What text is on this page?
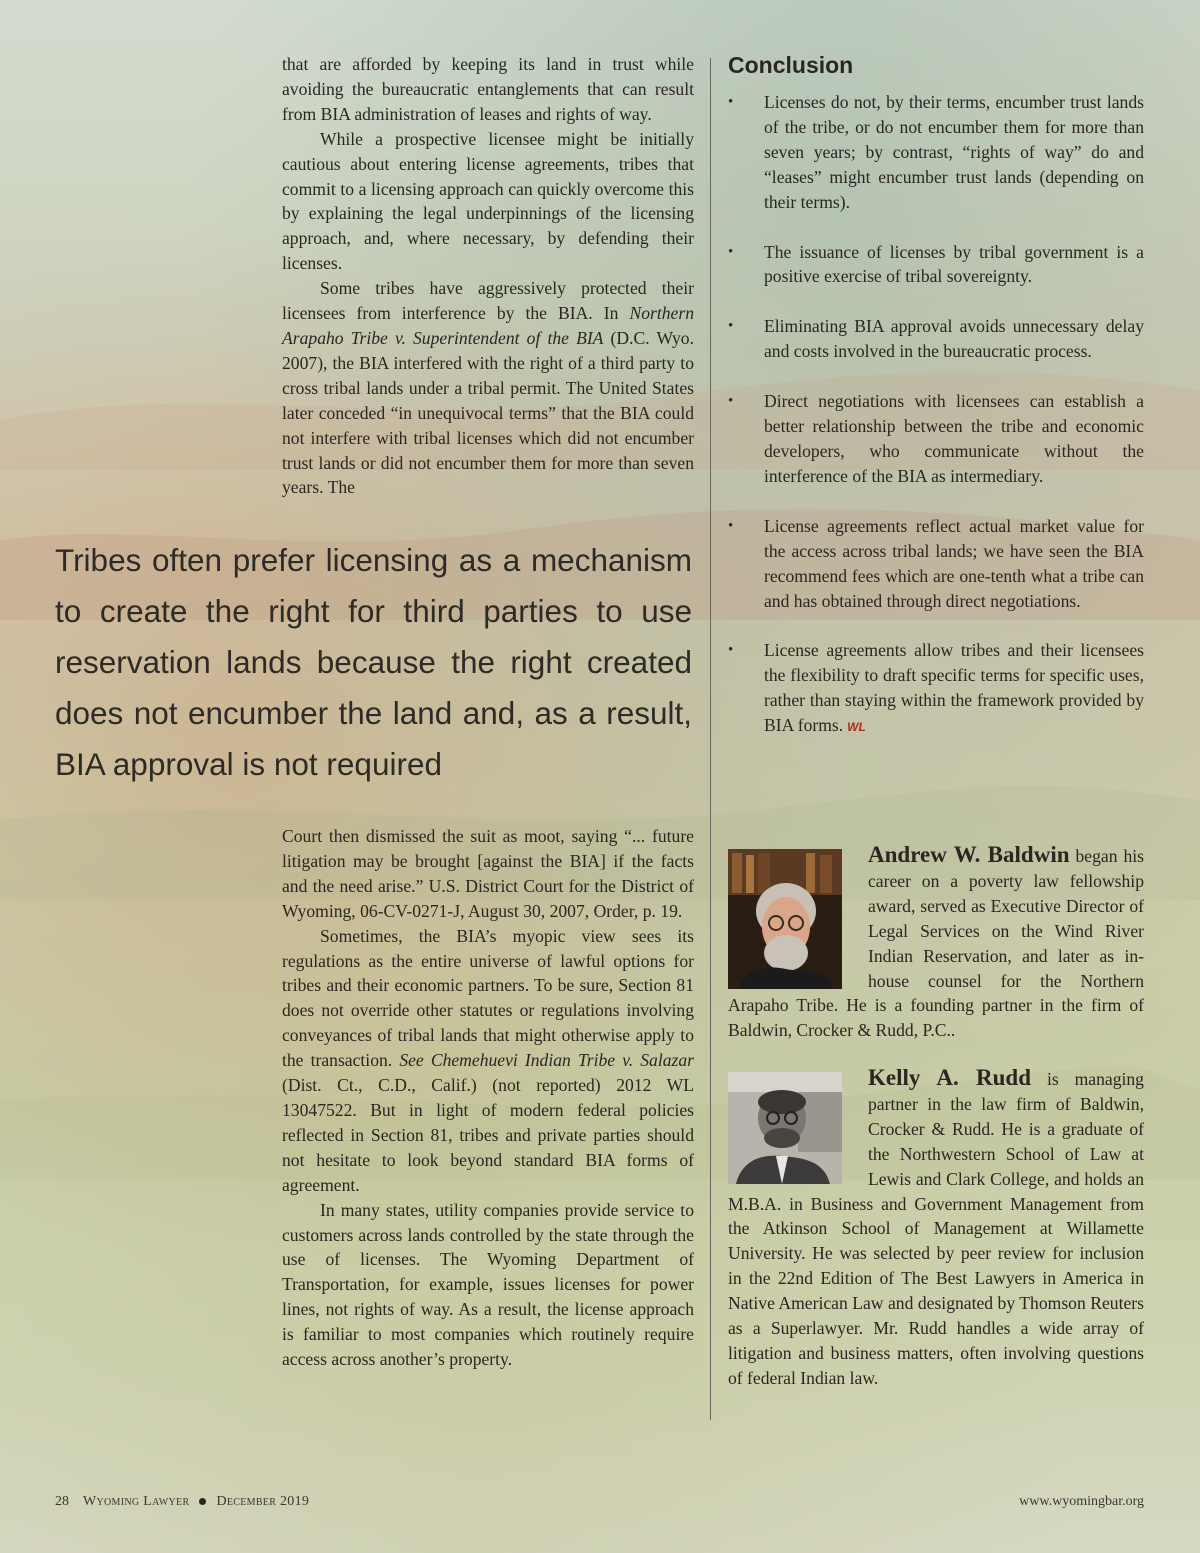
that are afforded by keeping its land in trust while avoiding the bureaucratic entanglements that can result from BIA administration of leases and rights of way.

While a prospective licensee might be initially cautious about entering license agreements, tribes that commit to a licensing approach can quickly overcome this by explaining the legal underpinnings of the licensing approach, and, where necessary, by defending their licenses.

Some tribes have aggressively protected their licensees from interference by the BIA. In Northern Arapaho Tribe v. Superintendent of the BIA (D.C. Wyo. 2007), the BIA interfered with the right of a third party to cross tribal lands under a tribal permit. The United States later conceded “in unequivocal terms” that the BIA could not interfere with tribal licenses which did not encumber trust lands or did not encumber them for more than seven years. The

Tribes often prefer licensing as a mechanism to create the right for third parties to use reservation lands because the right created does not encumber the land and, as a result, BIA approval is not required

Court then dismissed the suit as moot, saying “... future litigation may be brought [against the BIA] if the facts and the need arise.” U.S. District Court for the District of Wyoming, 06-CV-0271-J, August 30, 2007, Order, p. 19.

Sometimes, the BIA’s myopic view sees its regulations as the entire universe of lawful options for tribes and their economic partners. To be sure, Section 81 does not override other statutes or regulations involving conveyances of tribal lands that might otherwise apply to the transaction. See Chemehuevi Indian Tribe v. Salazar (Dist. Ct., C.D., Calif.) (not reported) 2012 WL 13047522. But in light of modern federal policies reflected in Section 81, tribes and private parties should not hesitate to look beyond standard BIA forms of agreement.

In many states, utility companies provide service to customers across lands controlled by the state through the use of licenses. The Wyoming Department of Transportation, for example, issues licenses for power lines, not rights of way. As a result, the license approach is familiar to most companies which routinely require access across another’s property.

Conclusion
• Licenses do not, by their terms, encumber trust lands of the tribe, or do not encumber them for more than seven years; by contrast, “rights of way” do and “leases” might encumber trust lands (depending on their terms).
• The issuance of licenses by tribal government is a positive exercise of tribal sovereignty.
• Eliminating BIA approval avoids unnecessary delay and costs involved in the bureaucratic process.
• Direct negotiations with licensees can establish a better relationship between the tribe and economic developers, who communicate without the interference of the BIA as intermediary.
• License agreements reflect actual market value for the access across tribal lands; we have seen the BIA recommend fees which are one-tenth what a tribe can and has obtained through direct negotiations.
• License agreements allow tribes and their licensees the flexibility to draft specific terms for specific uses, rather than staying within the framework provided by BIA forms. WL
Andrew W. Baldwin began his career on a poverty law fellowship award, served as Executive Director of Legal Services on the Wind River Indian Reservation, and later as in-house counsel for the Northern Arapaho Tribe. He is a founding partner in the firm of Baldwin, Crocker & Rudd, P.C..
Kelly A. Rudd is managing partner in the law firm of Baldwin, Crocker & Rudd. He is a graduate of the Northwestern School of Law at Lewis and Clark College, and holds an M.B.A. in Business and Government Management from the Atkinson School of Management at Willamette University. He was selected by peer review for inclusion in the 22nd Edition of The Best Lawyers in America in Native American Law and designated by Thomson Reuters as a Superlawyer. Mr. Rudd handles a wide array of litigation and business matters, often involving questions of federal Indian law.
28 Wyoming Lawyer December 2019	www.wyomingbar.org
